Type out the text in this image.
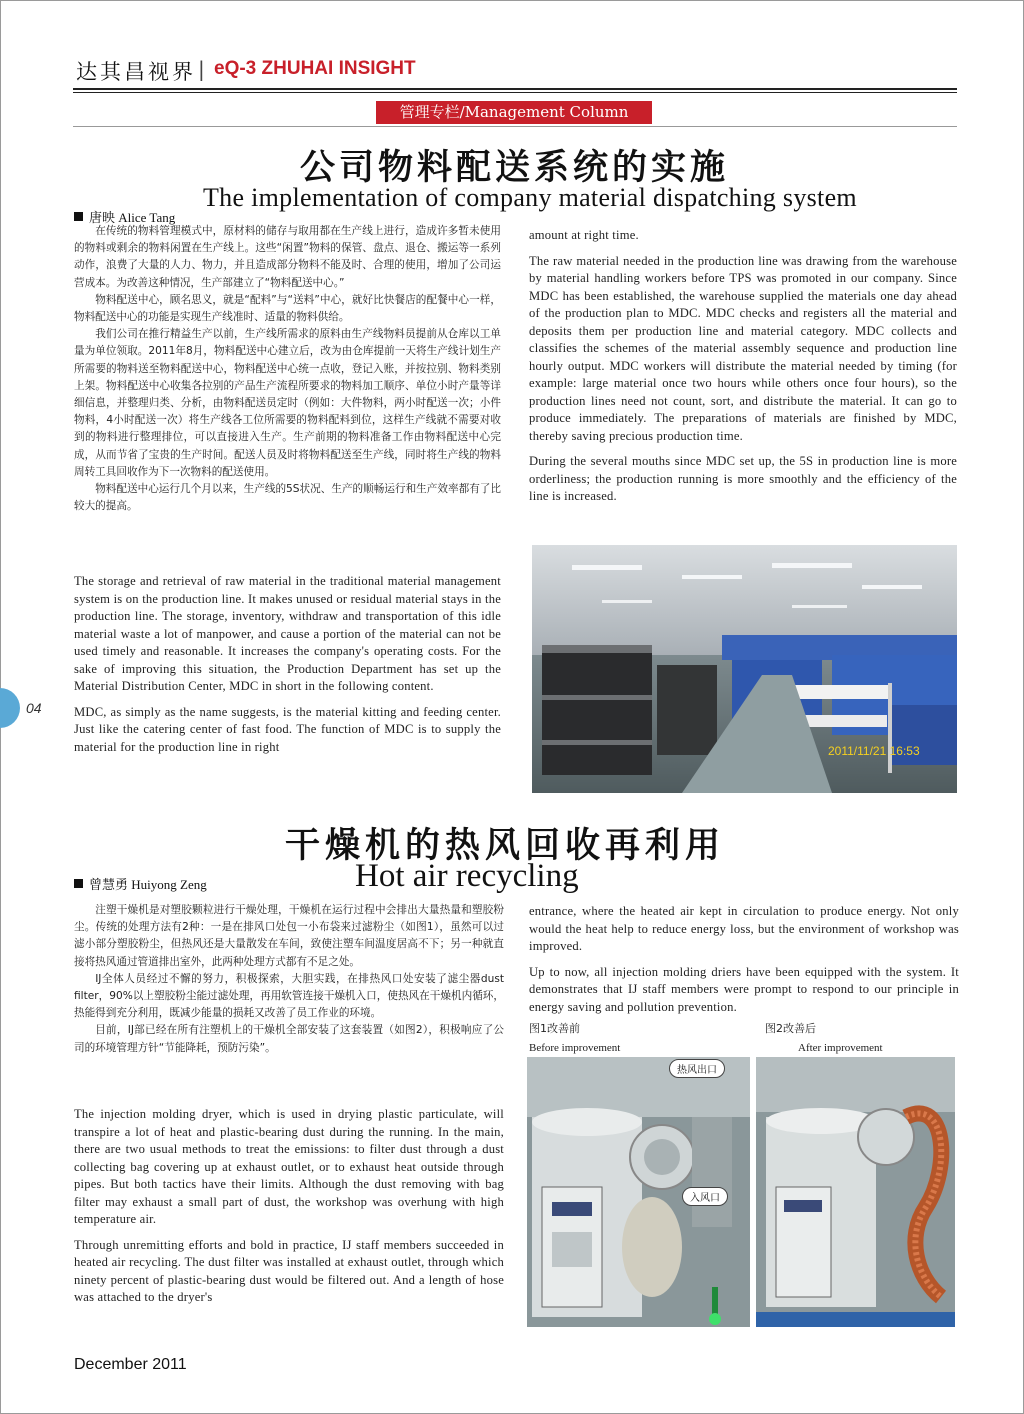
达其昌视界 | eQ-3 ZHUHAI INSIGHT
管理专栏/Management Column
公司物料配送系统的实施
The implementation of company material dispatching system
唐映 Alice Tang

在传统的物料管理模式中，原材料的储存与取用都在生产线上进行，造成许多暂未使用的物料或剩余的物料闲置在生产线上。这些“闲置”物料的保管、盘点、退仓、搬运等一系列动作，浪费了大量的人力、物力，并且造成部分物料不能及时、合理的使用，增加了公司运营成本。为改善这种情况，生产部建立了“物料配送中心。”

物料配送中心，顾名思义，就是“配料”与“送料”中心，就好比快餐店的配餐中心一样，物料配送中心的功能是实现生产线准时、适量的物料供给。

我们公司在推行精益生产以前，生产线所需求的原料由生产线物料员提前从仓库以工单量为单位领取。2011年8月，物料配送中心建立后，改为由仓库提前一天将生产线计划生产所需要的物料送至物料配送中心，物料配送中心统一点收，登记入账，并按拉别、物料类别上架。物料配送中心收集各拉别的产品生产流程所要求的物料加工顺序、单位小时产量等详细信息，并整理归类、分析，由物料配送员定时（例如：大件物料，两小时配送一次；小件物料，4小时配送一次）将生产线各工位所需要的物料配料到位，这样生产线就不需要对收到的物料进行整理排位，可以直接进入生产。生产前期的物料准备工作由物料配送中心完成，从而节省了宝贵的生产时间。配送人员及时将物料配送至生产线，同时将生产线的物料周转工具回收作为下一次物料的配送使用。

物料配送中心运行几个月以来，生产线的5S状况、生产的顺畅运行和生产效率都有了比较大的提高。

The storage and retrieval of raw material in the traditional material management system is on the production line. It makes unused or residual material stays in the production line. The storage, inventory, withdraw and transportation of this idle material waste a lot of manpower, and cause a portion of the material can not be used timely and reasonable. It increases the company's operating costs. For the sake of improving this situation, the Production Department has set up the Material Distribution Center, MDC in short in the following content.

MDC, as simply as the name suggests, is the material kitting and feeding center. Just like the catering center of fast food. The function of MDC is to supply the material for the production line in right

amount at right time.

The raw material needed in the production line was drawing from the warehouse by material handling workers before TPS was promoted in our company. Since MDC has been established, the warehouse supplied the materials one day ahead of the production plan to MDC. MDC checks and registers all the material and deposits them per production line and material category. MDC collects and classifies the schemes of the material assembly sequence and production line hourly output. MDC workers will distribute the material needed by timing (for example: large material once two hours while others once four hours), so the production lines need not count, sort, and distribute the material. It can go to produce immediately. The preparations of materials are finished by MDC, thereby saving precious production time.

During the several mouths since MDC set up, the 5S in production line is more orderliness; the production running is more smoothly and the efficiency of the line is increased.

2011/11/21 16:53
干燥机的热风回收再利用
Hot air recycling
曾慧勇 Huiyong Zeng

注塑干燥机是对塑胶颗粒进行干燥处理，干燥机在运行过程中会排出大量热量和塑胶粉尘。传统的处理方法有2种：一是在排风口处包一小布袋来过滤粉尘（如图1），虽然可以过滤小部分塑胶粉尘，但热风还是大量散发在车间，致使注塑车间温度居高不下；另一种就直接将热风通过管道排出室外，此两种处理方式都有不足之处。

IJ全体人员经过不懈的努力，积极探索，大胆实践，在排热风口处安装了滤尘器dust filter，90%以上塑胶粉尘能过滤处理，再用软管连接干燥机入口，使热风在干燥机内循环，热能得到充分利用，既减少能量的损耗又改善了员工作业的环境。

目前，IJ部已经在所有注塑机上的干燥机全部安装了这套装置（如图2），积极响应了公司的环境管理方针“节能降耗，预防污染”。

The injection molding dryer, which is used in drying plastic particulate, will transpire a lot of heat and plastic-bearing dust during the running. In the main, there are two usual methods to treat the emissions: to filter dust through a dust collecting bag covering up at exhaust outlet, or to exhaust heat outside through pipes. But both tactics have their limits. Although the dust removing with bag filter may exhaust a small part of dust, the workshop was overhung with high temperature air.

Through unremitting efforts and bold in practice, IJ staff members succeeded in heated air recycling. The dust filter was installed at exhaust outlet, through which ninety percent of plastic-bearing dust would be filtered out. And a length of hose was attached to the dryer's

entrance, where the heated air kept in circulation to produce energy. Not only would the heat help to reduce energy loss, but the environment of workshop was improved.

Up to now, all injection molding driers have been equipped with the system. It demonstrates that IJ staff members were prompt to respond to our principle in energy saving and pollution prevention.

图1改善前	图2改善后
Before improvement	After improvement
热风出口
入风口
04
December 2011
